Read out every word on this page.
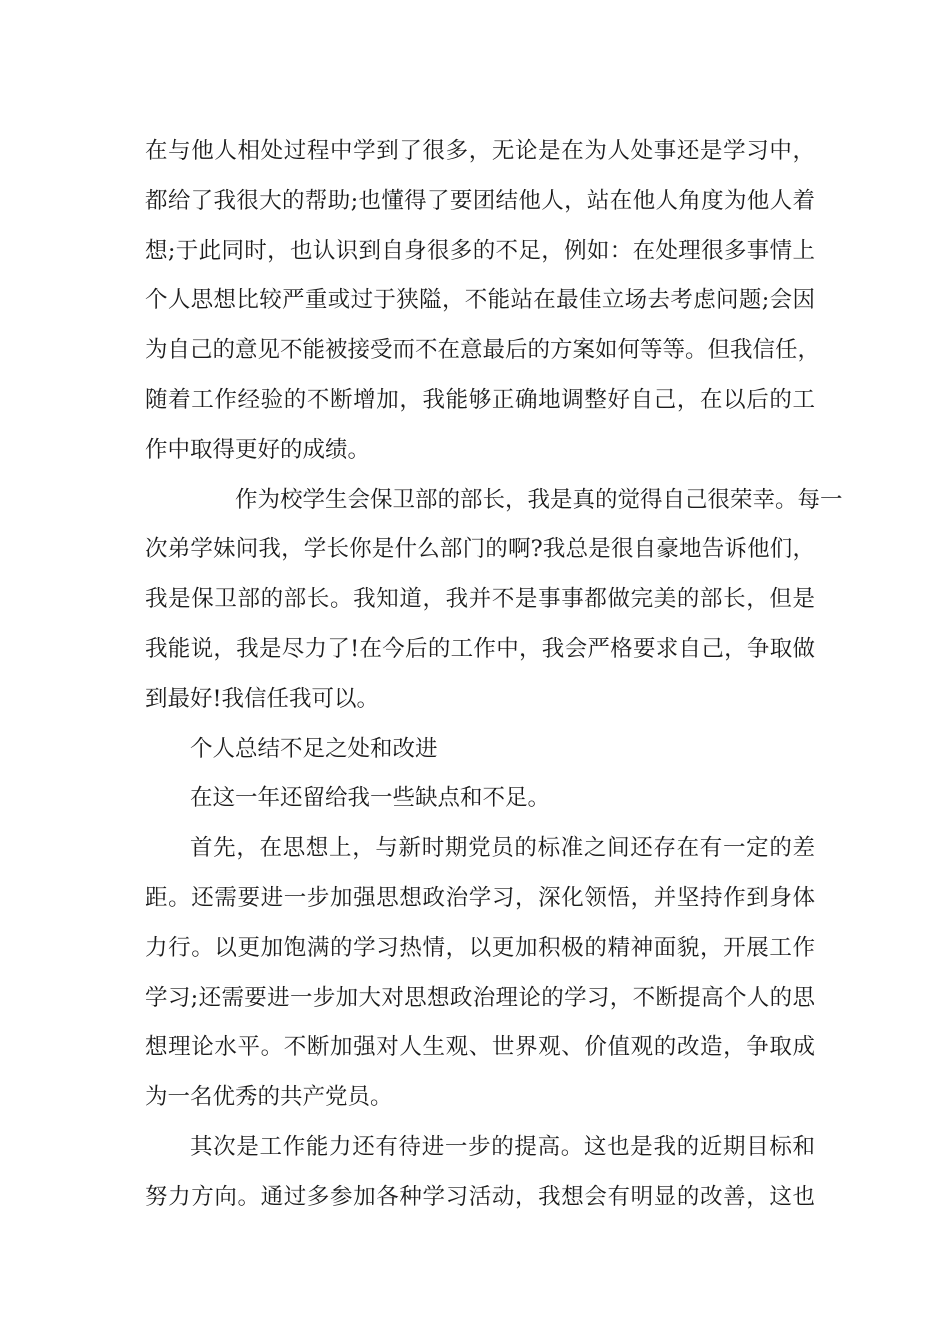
在与他人相处过程中学到了很多，无论是在为人处事还是学习中，
都给了我很大的帮助;也懂得了要团结他人，站在他人角度为他人着
想;于此同时，也认识到自身很多的不足，例如：在处理很多事情上
个人思想比较严重或过于狭隘，不能站在最佳立场去考虑问题;会因
为自己的意见不能被接受而不在意最后的方案如何等等。但我信任，
随着工作经验的不断增加，我能够正确地调整好自己，在以后的工
作中取得更好的成绩。

作为校学生会保卫部的部长，我是真的觉得自己很荣幸。每一
次弟学妹问我，学长你是什么部门的啊?我总是很自豪地告诉他们，
我是保卫部的部长。我知道，我并不是事事都做完美的部长，但是
我能说，我是尽力了!在今后的工作中，我会严格要求自己，争取做
到最好!我信任我可以。

个人总结不足之处和改进

在这一年还留给我一些缺点和不足。

首先，在思想上，与新时期党员的标准之间还存在有一定的差
距。还需要进一步加强思想政治学习，深化领悟，并坚持作到身体
力行。以更加饱满的学习热情，以更加积极的精神面貌，开展工作
学习;还需要进一步加大对思想政治理论的学习，不断提高个人的思
想理论水平。不断加强对人生观、世界观、价值观的改造，争取成
为一名优秀的共产党员。

其次是工作能力还有待进一步的提高。这也是我的近期目标和
努力方向。通过多参加各种学习活动，我想会有明显的改善，这也
